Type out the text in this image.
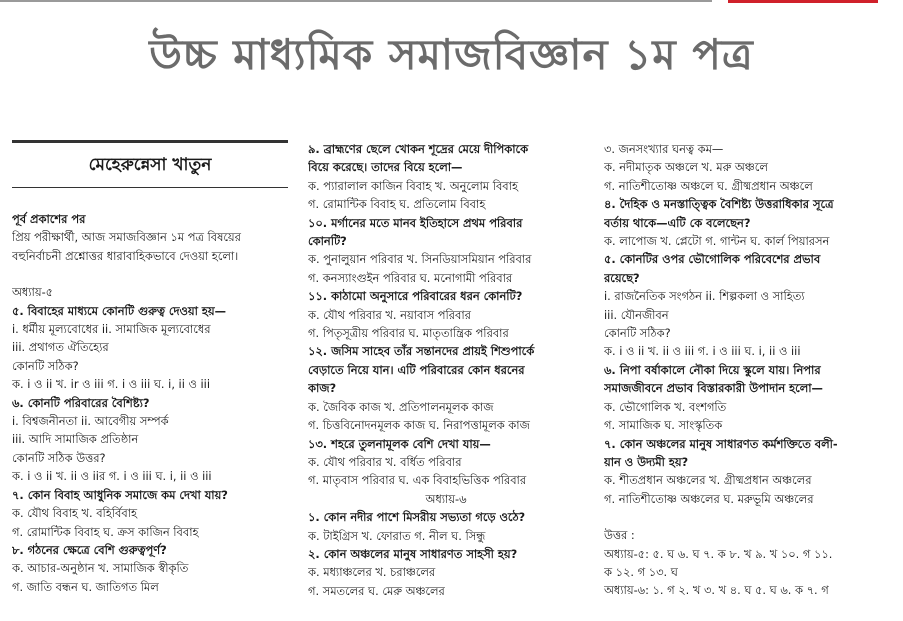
উচ্চ মাধ্যমিক সমাজবিজ্ঞান ১ম পত্র
মেহেরুন্নেসা খাতুন
পূর্ব প্রকাশের পর
প্রিয় পরীক্ষার্থী, আজ সমাজবিজ্ঞান ১ম পত্র বিষয়ের
বহুনির্বাচনী প্রশ্নোত্তর ধারাবাহিকভাবে দেওয়া হলো।
অধ্যায়-৫
৫. বিবাহের মাধ্যমে কোনটি গুরুত্ব দেওয়া হয়—
i. ধর্মীয় মূল্যবোধের ii. সামাজিক মূল্যবোধের
iii. প্রথাগত ঐতিহ্যের
কোনটি সঠিক?
ক. i ও ii খ. ir ও iii গ. i ও iii ঘ. i, ii ও iii
৬. কোনটি পরিবারের বৈশিষ্ট্য?
i. বিশ্বজনীনতা ii. আবেগীয় সম্পর্ক
iii. আদি সামাজিক প্রতিষ্ঠান
কোনটি সঠিক উত্তর?
ক. i ও ii খ. ii ও iiর গ. i ও iii ঘ. i, ii ও iii
৭. কোন বিবাহ আধুনিক সমাজে কম দেখা যায়?
ক. যৌথ বিবাহ খ. বহির্বিবাহ
গ. রোমান্টিক বিবাহ ঘ. ক্রস কাজিন বিবাহ
৮. গঠনের ক্ষেত্রে বেশি গুরুত্বপূর্ণ?
ক. আচার-অনুষ্ঠান খ. সামাজিক স্বীকৃতি
গ. জাতি বন্ধন ঘ. জাতিগত মিল
৯. ব্রাহ্মণের ছেলে খোকন শূদ্রের মেয়ে দীপিকাকে
বিয়ে করেছে। তাদের বিয়ে হলো—
ক. প্যারালাল কাজিন বিবাহ খ. অনুলোম বিবাহ
গ. রোমান্টিক বিবাহ ঘ. প্রতিলোম বিবাহ
১০. মর্গানের মতে মানব ইতিহাসে প্রথম পরিবার
কোনটি?
ক. পুনালুয়ান পরিবার খ. সিনডিয়াসমিয়ান পরিবার
গ. কনস্যাংগুইন পরিবার ঘ. মনোগামী পরিবার
১১. কাঠামো অনুসারে পরিবারের ধরন কোনটি?
ক. যৌথ পরিবার খ. নয়াবাস পরিবার
গ. পিতৃসূত্রীয় পরিবার ঘ. মাতৃতান্ত্রিক পরিবার
১২. জসিম সাহেব তাঁর সন্তানদের প্রায়ই শিশুপার্কে
বেড়াতে নিয়ে যান। এটি পরিবারের কোন ধরনের
কাজ?
ক. জৈবিক কাজ খ. প্রতিপালনমূলক কাজ
গ. চিত্তবিনোদনমূলক কাজ ঘ. নিরাপত্তামূলক কাজ
১৩. শহরে তুলনামূলক বেশি দেখা যায়—
ক. যৌথ পরিবার খ. বর্ধিত পরিবার
গ. মাতৃবাস পরিবার ঘ. এক বিবাহভিত্তিক পরিবার
অধ্যায়-৬
১. কোন নদীর পাশে মিসরীয় সভ্যতা গড়ে ওঠে?
ক. টাইগ্রিস খ. ফোরাত গ. নীল ঘ. সিন্ধু
২. কোন অঞ্চলের মানুষ সাধারণত সাহসী হয়?
ক. মধ্যাঞ্চলের খ. চরাঞ্চলের
গ. সমতলের ঘ. মেরু অঞ্চলের
৩. জনসংখ্যার ঘনত্ব কম—
ক. নদীমাতৃক অঞ্চলে খ. মরু অঞ্চলে
গ. নাতিশীতোষ্ণ অঞ্চলে ঘ. গ্রীষ্মপ্রধান অঞ্চলে
৪. দৈহিক ও মনস্তাত্ত্বিক বৈশিষ্ট্য উত্তরাধিকার সূত্রে
বর্তায় থাকে—এটি কে বলেছেন?
ক. লাপোজ খ. প্লেটো গ. গান্টন ঘ. কার্ল পিয়ারসন
৫. কোনটির ওপর ভৌগোলিক পরিবেশের প্রভাব
রয়েছে?
i. রাজনৈতিক সংগঠন ii. শিল্পকলা ও সাহিত্য
iii. যৌনজীবন
কোনটি সঠিক?
ক. i ও ii খ. ii ও iii গ. i ও iii ঘ. i, ii ও iii
৬. নিপা বর্ষাকালে নৌকা দিয়ে স্কুলে যায়। নিপার
সমাজজীবনে প্রভাব বিস্তারকারী উপাদান হলো—
ক. ভৌগোলিক খ. বংশগতি
গ. সামাজিক ঘ. সাংস্কৃতিক
৭. কোন অঞ্চলের মানুষ সাধারণত কর্মশক্তিতে বলী-
য়ান ও উদ্যমী হয়?
ক. শীতপ্রধান অঞ্চলের খ. গ্রীষ্মপ্রধান অঞ্চলের
গ. নাতিশীতোষ্ণ অঞ্চলের ঘ. মরুভূমি অঞ্চলের
উত্তর :
অধ্যায়-৫: ৫. ঘ ৬. ঘ ৭. ক ৮. খ ৯. খ ১০. গ ১১.
ক ১২. গ ১৩. ঘ
অধ্যায়-৬: ১. গ ২. খ ৩. খ ৪. ঘ ৫. ঘ ৬. ক ৭. গ
